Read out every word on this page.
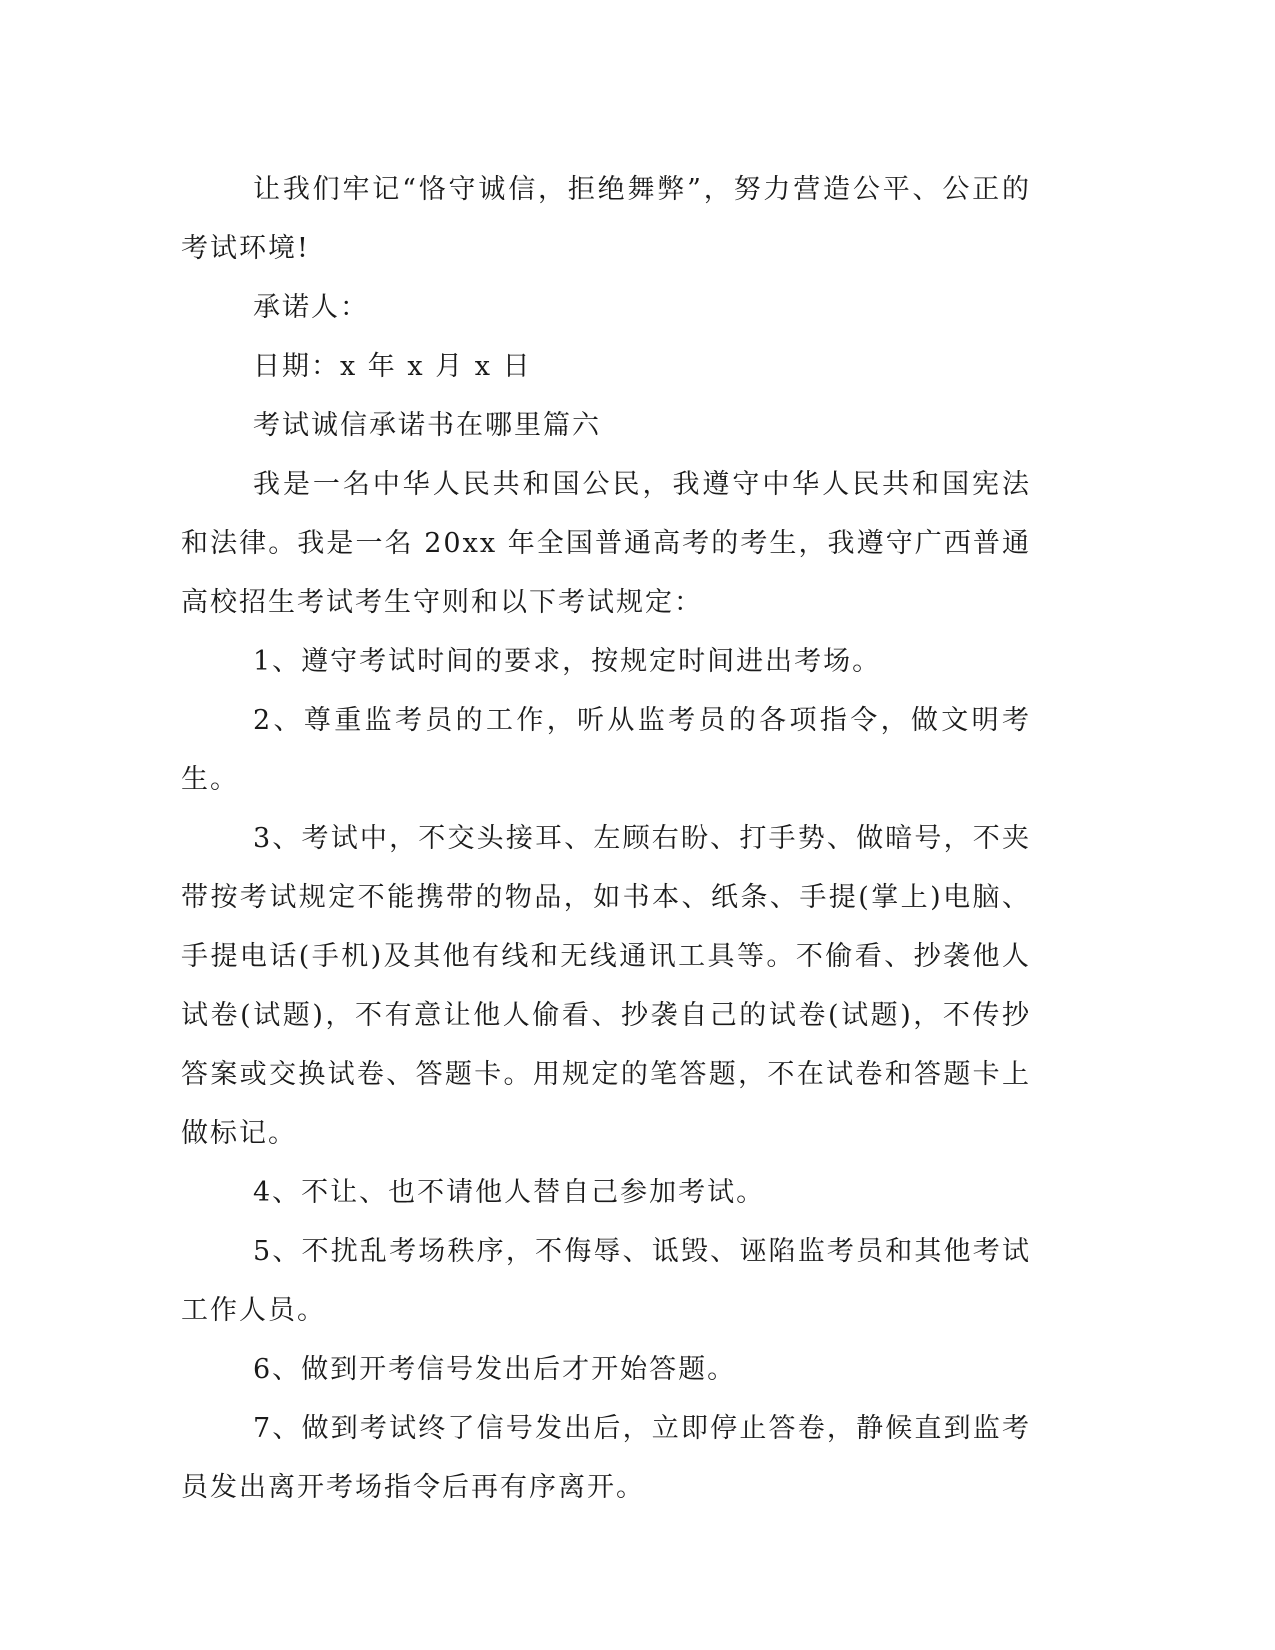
让我们牢记“恪守诚信，拒绝舞弊”，努力营造公平、公正的考试环境!

承诺人：

日期：x 年 x 月 x 日

考试诚信承诺书在哪里篇六

我是一名中华人民共和国公民，我遵守中华人民共和国宪法和法律。我是一名 20xx 年全国普通高考的考生，我遵守广西普通高校招生考试考生守则和以下考试规定：

1、遵守考试时间的要求，按规定时间进出考场。

2、尊重监考员的工作，听从监考员的各项指令，做文明考生。

3、考试中，不交头接耳、左顾右盼、打手势、做暗号，不夹带按考试规定不能携带的物品，如书本、纸条、手提(掌上)电脑、手提电话(手机)及其他有线和无线通讯工具等。不偷看、抄袭他人试卷(试题)，不有意让他人偷看、抄袭自己的试卷(试题)，不传抄答案或交换试卷、答题卡。用规定的笔答题，不在试卷和答题卡上做标记。

4、不让、也不请他人替自己参加考试。

5、不扰乱考场秩序，不侮辱、诋毁、诬陷监考员和其他考试工作人员。

6、做到开考信号发出后才开始答题。

7、做到考试终了信号发出后，立即停止答卷，静候直到监考员发出离开考场指令后再有序离开。
